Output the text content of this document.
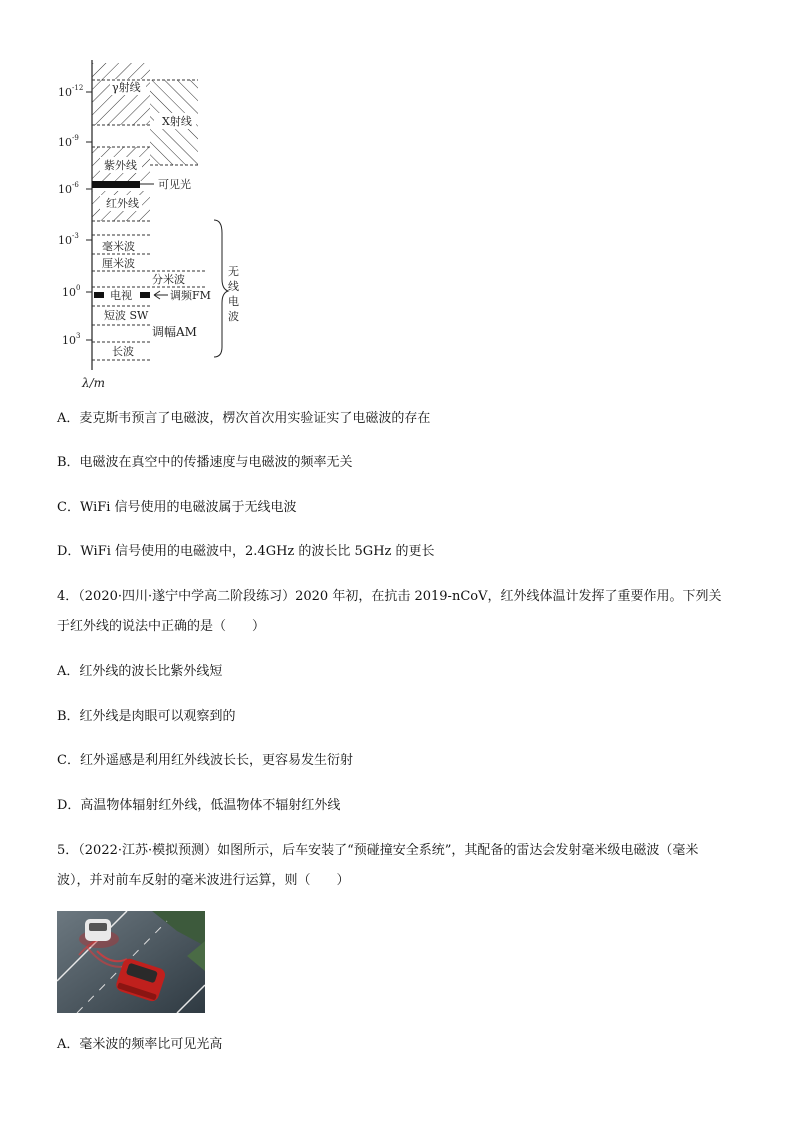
$10^{-12}$
$10^{-9}$
$10^{-6}$
$10^{-3}$
$10^0$
$10^3$
γ射线
X射线
紫外线
可见光
红外线
毫米波
厘米波
分米波
电视	调频FM
短波 SW
调幅AM
长波
无
线
电
波
λ/m
A．麦克斯韦预言了电磁波，楞次首次用实验证实了电磁波的存在
B．电磁波在真空中的传播速度与电磁波的频率无关
C．WiFi 信号使用的电磁波属于无线电波
D．WiFi 信号使用的电磁波中，2.4GHz 的波长比 5GHz 的更长
4．（2020·四川·遂宁中学高二阶段练习）2020 年初，在抗击 2019-nCoV，红外线体温计发挥了重要作用。下列关
于红外线的说法中正确的是（　　）
A．红外线的波长比紫外线短
B．红外线是肉眼可以观察到的
C．红外遥感是利用红外线波长长，更容易发生衍射
D．高温物体辐射红外线，低温物体不辐射红外线
5．（2022·江苏·模拟预测）如图所示，后车安装了“预碰撞安全系统”，其配备的雷达会发射毫米级电磁波（毫米
波），并对前车反射的毫米波进行运算，则（　　）
A．毫米波的频率比可见光高
